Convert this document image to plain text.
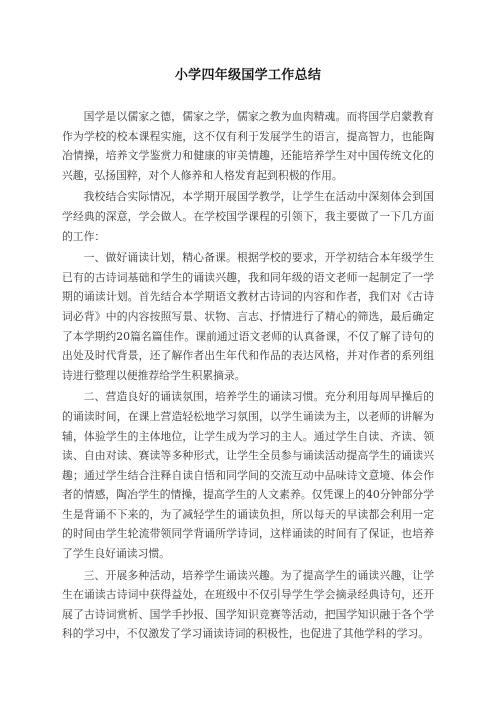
小学四年级国学工作总结

国学是以儒家之德，儒家之学，儒家之教为血肉精魂。而将国学启蒙教育作为学校的校本课程实施，这不仅有利于发展学生的语言，提高智力，也能陶冶情操，培养文学鉴赏力和健康的审美情趣，还能培养学生对中国传统文化的兴趣，弘扬国粹，对个人修养和人格发育起到积极的作用。

我校结合实际情况，本学期开展国学教学，让学生在活动中深刻体会到国学经典的深意，学会做人。在学校国学课程的引领下，我主要做了一下几方面的工作：

一、做好诵读计划，精心备课。根据学校的要求，开学初结合本年级学生已有的古诗词基础和学生的诵读兴趣，我和同年级的语文老师一起制定了一学期的诵读计划。首先结合本学期语文教材古诗词的内容和作者，我们对《古诗词必背》中的内容按照写景、状物、言志、抒情进行了精心的筛选，最后确定了本学期约20篇名篇佳作。课前通过语文老师的认真备课，不仅了解了诗句的出处及时代背景，还了解作者出生年代和作品的表达风格，并对作者的系列组诗进行整理以便推荐给学生积累摘录。

二、营造良好的诵读氛围，培养学生的诵读习惯。充分利用每周早操后的的诵读时间，在课上营造轻松地学习氛围，以学生诵读为主，以老师的讲解为辅，体验学生的主体地位，让学生成为学习的主人。通过学生自读、齐读、领读、自由对读、赛读等多种形式，让学生全员参与诵读活动提高学生的诵读兴趣；通过学生结合注释自读自悟和同学间的交流互动中品味诗文意境、体会作者的情感，陶冶学生的情操，提高学生的人文素养。仅凭课上的40分钟部分学生是背诵不下来的，为了减轻学生的诵读负担，所以每天的早读都会利用一定的时间由学生轮流带领同学背诵所学诗词，这样诵读的时间有了保证，也培养了学生良好诵读习惯。

三、开展多种活动，培养学生诵读兴趣。为了提高学生的诵读兴趣，让学生在诵读古诗词中获得益处，在班级中不仅引导学生学会摘录经典诗句，还开展了古诗词赏析、国学手抄报、国学知识竞赛等活动，把国学知识融于各个学科的学习中，不仅激发了学习诵读诗词的积极性，也促进了其他学科的学习。
